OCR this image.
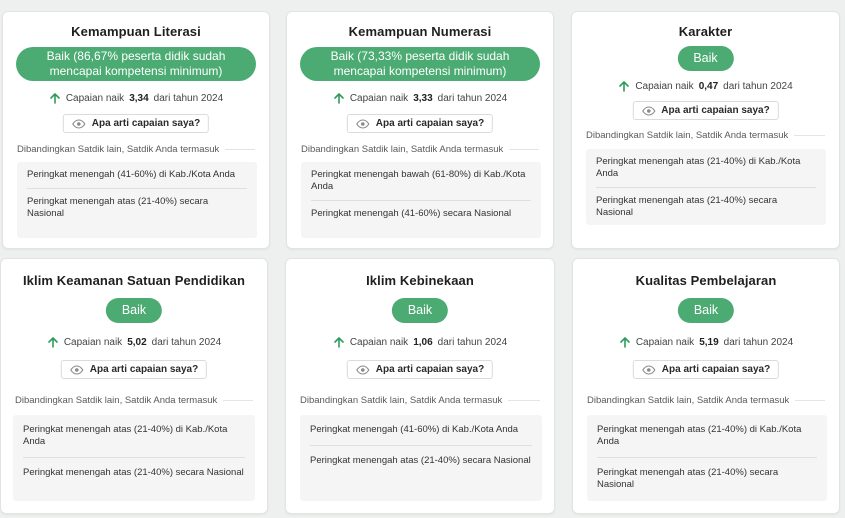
Kemampuan Literasi
Baik (86,67% peserta didik sudah mencapai kompetensi minimum)
Capaian naik 3,34 dari tahun 2024
Apa arti capaian saya?
Dibandingkan Satdik lain, Satdik Anda termasuk
Peringkat menengah (41-60%) di Kab./Kota Anda
Peringkat menengah atas (21-40%) secara Nasional
Kemampuan Numerasi
Baik (73,33% peserta didik sudah mencapai kompetensi minimum)
Capaian naik 3,33 dari tahun 2024
Apa arti capaian saya?
Dibandingkan Satdik lain, Satdik Anda termasuk
Peringkat menengah bawah (61-80%) di Kab./Kota Anda
Peringkat menengah (41-60%) secara Nasional
Karakter
Baik
Capaian naik 0,47 dari tahun 2024
Apa arti capaian saya?
Dibandingkan Satdik lain, Satdik Anda termasuk
Peringkat menengah atas (21-40%) di Kab./Kota Anda
Peringkat menengah atas (21-40%) secara Nasional
Iklim Keamanan Satuan Pendidikan
Baik
Capaian naik 5,02 dari tahun 2024
Apa arti capaian saya?
Dibandingkan Satdik lain, Satdik Anda termasuk
Peringkat menengah atas (21-40%) di Kab./Kota Anda
Peringkat menengah atas (21-40%) secara Nasional
Iklim Kebinekaan
Baik
Capaian naik 1,06 dari tahun 2024
Apa arti capaian saya?
Dibandingkan Satdik lain, Satdik Anda termasuk
Peringkat menengah (41-60%) di Kab./Kota Anda
Peringkat menengah atas (21-40%) secara Nasional
Kualitas Pembelajaran
Baik
Capaian naik 5,19 dari tahun 2024
Apa arti capaian saya?
Dibandingkan Satdik lain, Satdik Anda termasuk
Peringkat menengah atas (21-40%) di Kab./Kota Anda
Peringkat menengah atas (21-40%) secara Nasional
